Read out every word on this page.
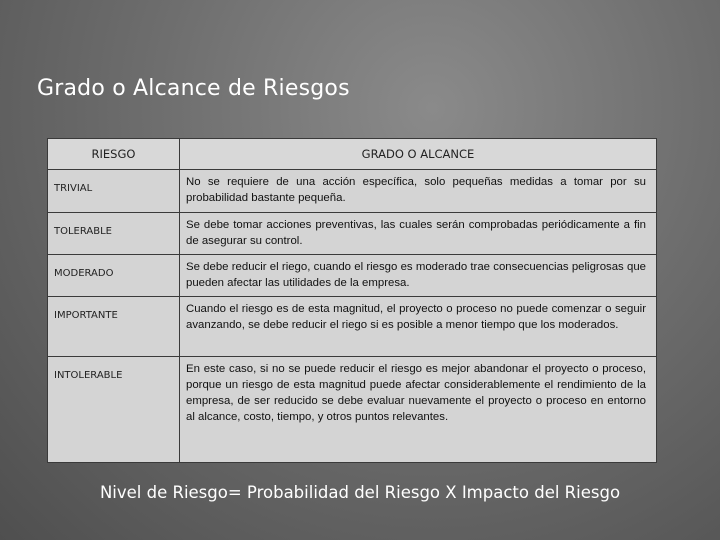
Grado o Alcance de Riesgos
RIESGO	GRADO O ALCANCE
TRIVIAL	No se requiere de una acción específica, solo pequeñas medidas a tomar por su probabilidad bastante pequeña.
TOLERABLE	Se debe tomar acciones preventivas, las cuales serán comprobadas periódicamente a fin de asegurar su control.
MODERADO	Se debe reducir el riego, cuando el riesgo es moderado trae consecuencias peligrosas que pueden afectar las utilidades de la empresa.
IMPORTANTE	Cuando el riesgo es de esta magnitud, el proyecto o proceso no puede comenzar o seguir avanzando, se debe reducir el riego si es posible a menor tiempo que los moderados.
INTOLERABLE	En este caso, si no se puede reducir el riesgo es mejor abandonar el proyecto o proceso, porque un riesgo de esta magnitud puede afectar considerablemente el rendimiento de la empresa, de ser reducido se debe evaluar nuevamente el proyecto o proceso en entorno al alcance, costo, tiempo, y otros puntos relevantes.
Nivel de Riesgo= Probabilidad del Riesgo X Impacto del Riesgo
